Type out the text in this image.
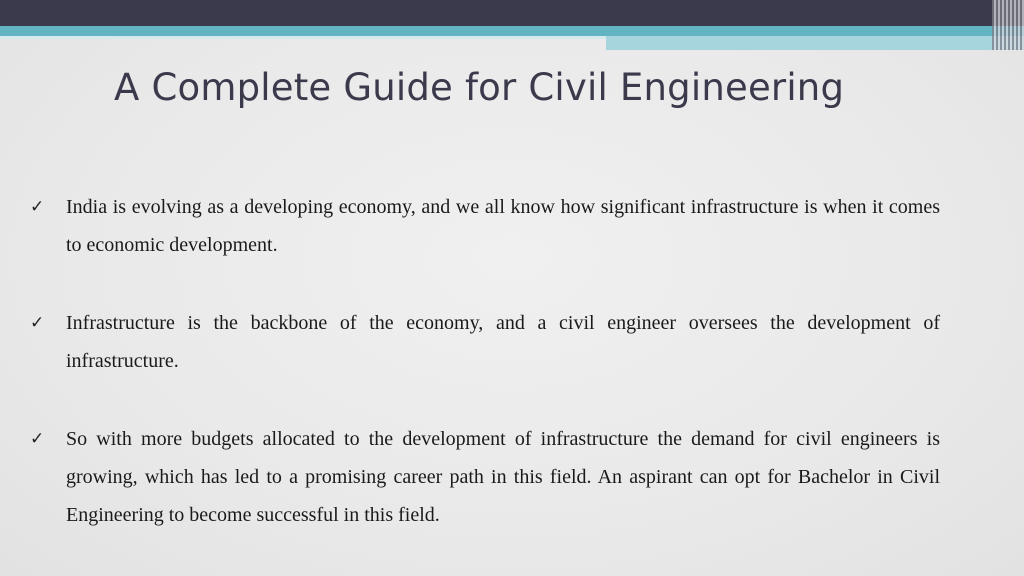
A Complete Guide for Civil Engineering
✓ India is evolving as a developing economy, and we all know how significant infrastructure is when it comes to economic development.
✓ Infrastructure is the backbone of the economy, and a civil engineer oversees the development of infrastructure.
✓ So with more budgets allocated to the development of infrastructure the demand for civil engineers is growing, which has led to a promising career path in this field. An aspirant can opt for Bachelor in Civil Engineering to become successful in this field.
